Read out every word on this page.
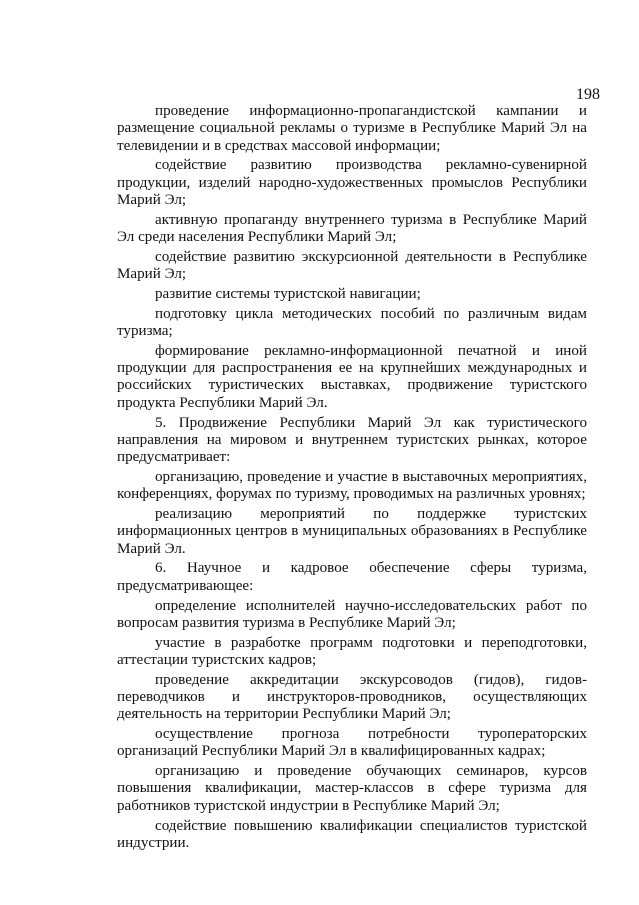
198

проведение информационно-пропагандистской кампании и размещение социальной рекламы о туризме в Республике Марий Эл на телевидении и в средствах массовой информации;

содействие развитию производства рекламно-сувенирной продукции, изделий народно-художественных промыслов Республики Марий Эл;

активную пропаганду внутреннего туризма в Республике Марий Эл среди населения Республики Марий Эл;

содействие развитию экскурсионной деятельности в Республике Марий Эл;

развитие системы туристской навигации;

подготовку цикла методических пособий по различным видам туризма;

формирование рекламно-информационной печатной и иной продукции для распространения ее на крупнейших международных и российских туристических выставках, продвижение туристского продукта Республики Марий Эл.

5. Продвижение Республики Марий Эл как туристического направления на мировом и внутреннем туристских рынках, которое предусматривает:

организацию, проведение и участие в выставочных мероприятиях, конференциях, форумах по туризму, проводимых на различных уровнях;

реализацию мероприятий по поддержке туристских информационных центров в муниципальных образованиях в Республике Марий Эл.

6. Научное и кадровое обеспечение сферы туризма, предусматривающее:

определение исполнителей научно-исследовательских работ по вопросам развития туризма в Республике Марий Эл;

участие в разработке программ подготовки и переподготовки, аттестации туристских кадров;

проведение аккредитации экскурсоводов (гидов), гидов-переводчиков и инструкторов-проводников, осуществляющих деятельность на территории Республики Марий Эл;

осуществление прогноза потребности туроператорских организаций Республики Марий Эл в квалифицированных кадрах;

организацию и проведение обучающих семинаров, курсов повышения квалификации, мастер-классов в сфере туризма для работников туристской индустрии в Республике Марий Эл;

содействие повышению квалификации специалистов туристской индустрии.
